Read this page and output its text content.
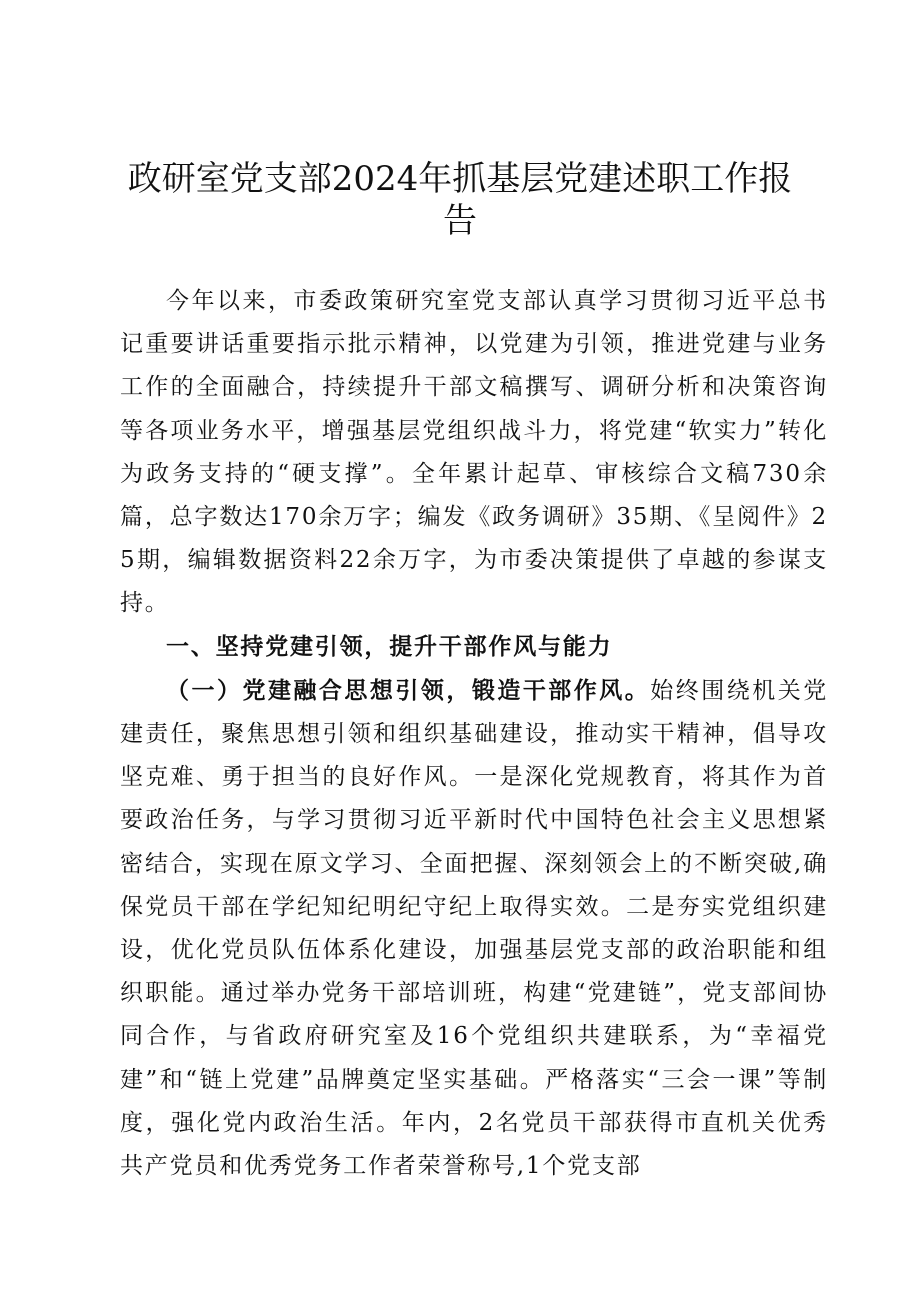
政研室党支部2024年抓基层党建述职工作报
告

今年以来，市委政策研究室党支部认真学习贯彻习近平总书记重要讲话重要指示批示精神，以党建为引领，推进党建与业务工作的全面融合，持续提升干部文稿撰写、调研分析和决策咨询等各项业务水平，增强基层党组织战斗力，将党建“软实力”转化为政务支持的“硬支撑”。全年累计起草、审核综合文稿730余篇，总字数达170余万字；编发《政务调研》35期、《呈阅件》25期，编辑数据资料22余万字，为市委决策提供了卓越的参谋支持。

一、坚持党建引领，提升干部作风与能力

（一）党建融合思想引领，锻造干部作风。始终围绕机关党建责任，聚焦思想引领和组织基础建设，推动实干精神，倡导攻坚克难、勇于担当的良好作风。一是深化党规教育，将其作为首要政治任务，与学习贯彻习近平新时代中国特色社会主义思想紧密结合，实现在原文学习、全面把握、深刻领会上的不断突破,确保党员干部在学纪知纪明纪守纪上取得实效。二是夯实党组织建设，优化党员队伍体系化建设，加强基层党支部的政治职能和组织职能。通过举办党务干部培训班，构建“党建链”，党支部间协同合作，与省政府研究室及16个党组织共建联系，为“幸福党建”和“链上党建”品牌奠定坚实基础。严格落实“三会一课”等制度，强化党内政治生活。年内，2名党员干部获得市直机关优秀共产党员和优秀党务工作者荣誉称号,1个党支部
